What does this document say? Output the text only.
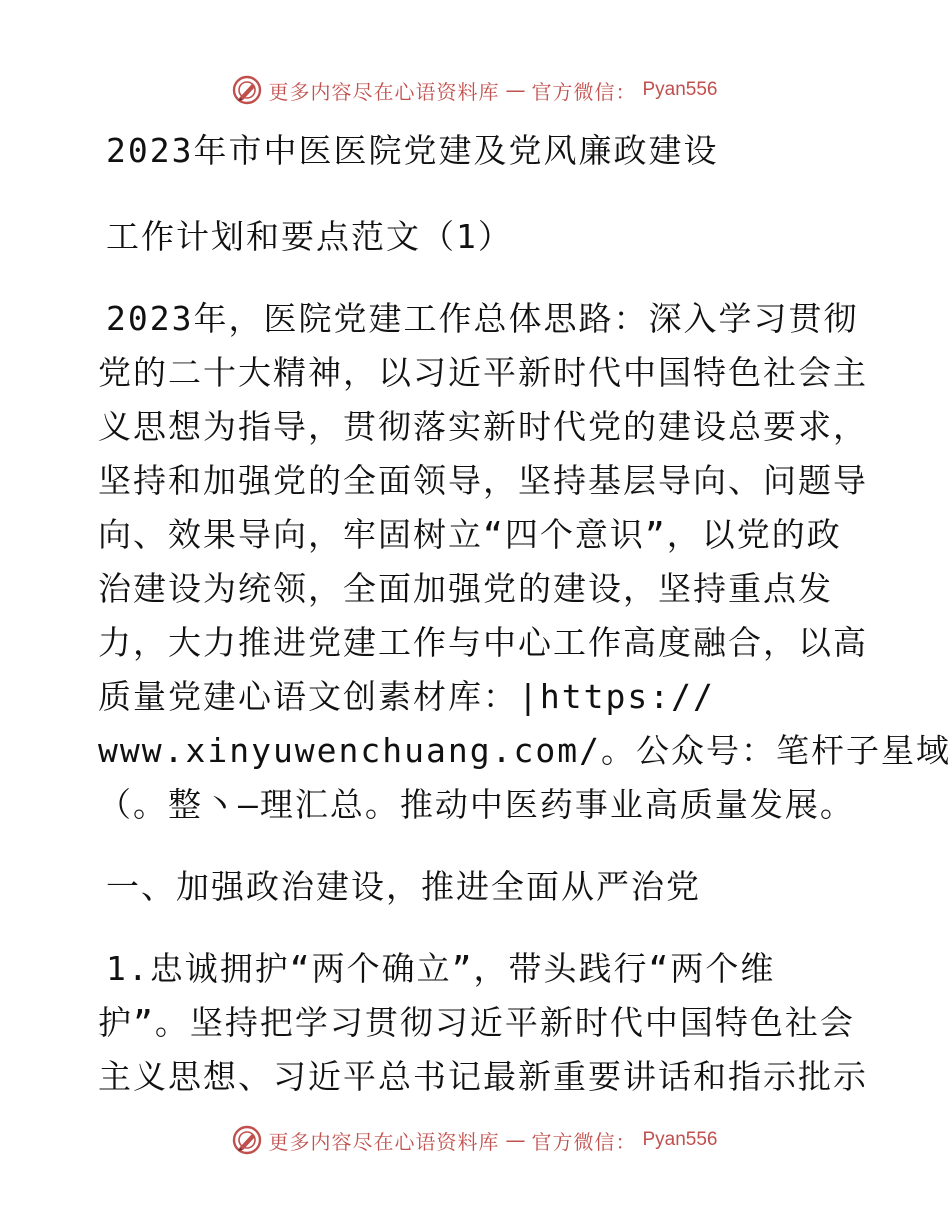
更多内容尽在心语资料库 — 官方微信： Pyan556
2023年市中医医院党建及党风廉政建设
工作计划和要点范文（1）
2023年，医院党建工作总体思路：深入学习贯彻
党的二十大精神，以习近平新时代中国特色社会主
义思想为指导，贯彻落实新时代党的建设总要求，
坚持和加强党的全面领导，坚持基层导向、问题导
向、效果导向，牢固树立“四个意识”，以党的政
治建设为统领，全面加强党的建设，坚持重点发
力，大力推进党建工作与中心工作高度融合，以高
质量党建心语文创素材库：|https://
www.xinyuwenchuang.com/。公众号：笔杆子星域
（。整丶—理汇总。推动中医药事业高质量发展。
一、加强政治建设，推进全面从严治党
1.忠诚拥护“两个确立”，带头践行“两个维
护”。坚持把学习贯彻习近平新时代中国特色社会
主义思想、习近平总书记最新重要讲话和指示批示
更多内容尽在心语资料库 — 官方微信： Pyan556
